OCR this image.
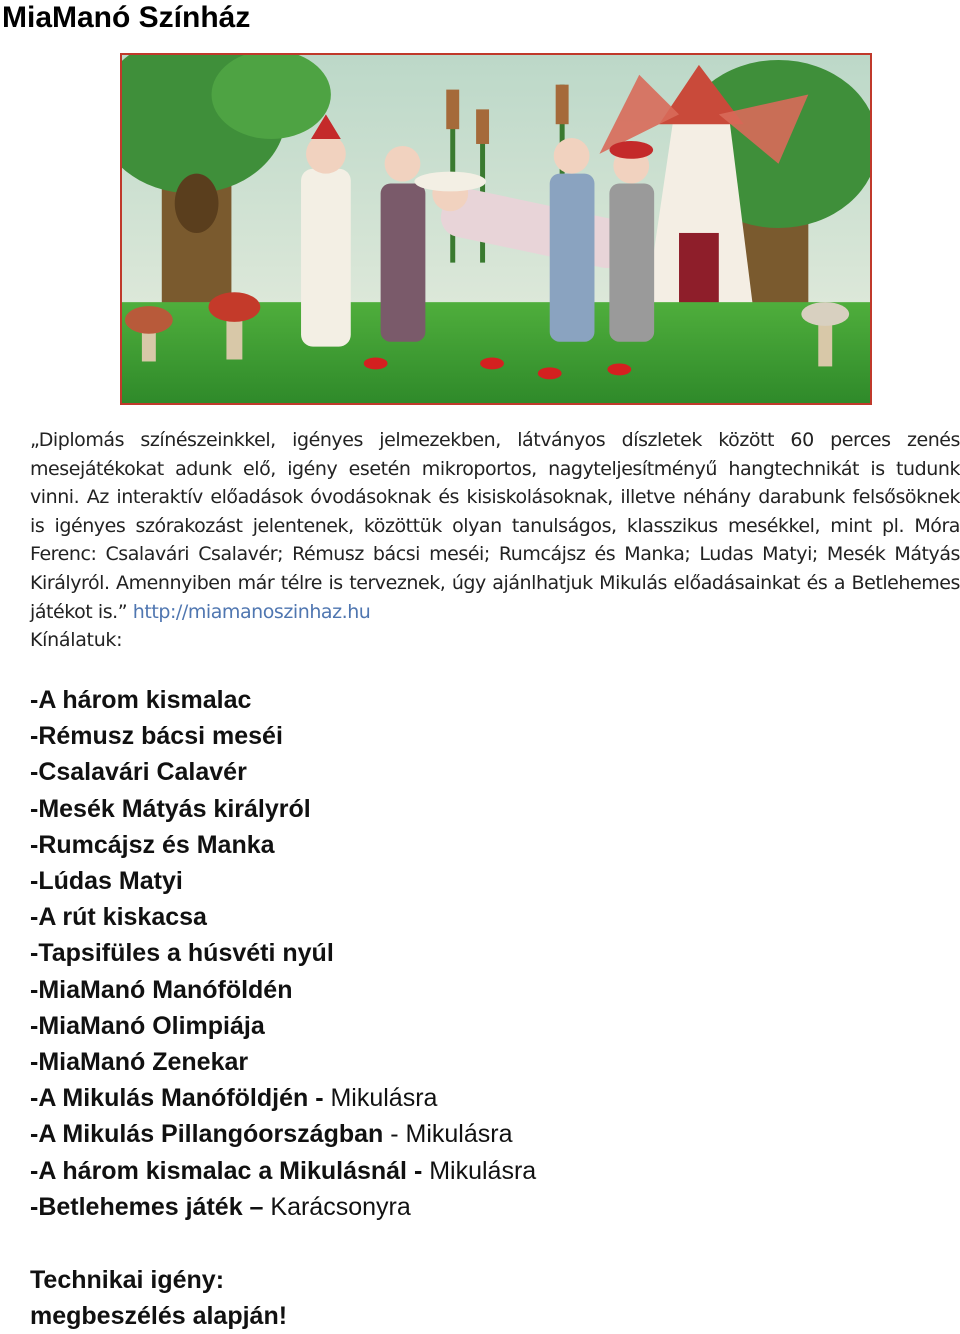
MiaManó Színház

„Diplomás színészeinkkel, igényes jelmezekben, látványos díszletek között 60 perces zenés mesejátékokat adunk elő, igény esetén mikroportos, nagyteljesítményű hangtechnikát is tudunk vinni. Az interaktív előadások óvodásoknak és kisiskolásoknak, illetve néhány darabunk felsősöknek is igényes szórakozást jelentenek, közöttük olyan tanulságos, klasszikus mesékkel, mint pl. Móra Ferenc: Csalavári Csalavér; Rémusz bácsi meséi; Rumcájsz és Manka; Ludas Matyi; Mesék Mátyás Királyról. Amennyiben már télre is terveznek, úgy ajánlhatjuk Mikulás előadásainkat és a Betlehemes játékot is.” http://miamanoszinhaz.hu

Kínálatuk:
-A három kismalac
-Rémusz bácsi meséi
-Csalavári Calavér
-Mesék Mátyás királyról
-Rumcájsz és Manka
-Lúdas Matyi
-A rút kiskacsa
-Tapsifüles a húsvéti nyúl
-MiaManó Manóföldén
-MiaManó Olimpiája
-MiaManó Zenekar
-A Mikulás Manóföldjén - Mikulásra
-A Mikulás Pillangóországban - Mikulásra
-A három kismalac a Mikulásnál - Mikulásra
-Betlehemes játék – Karácsonyra
Technikai igény:
megbeszélés alapján!
